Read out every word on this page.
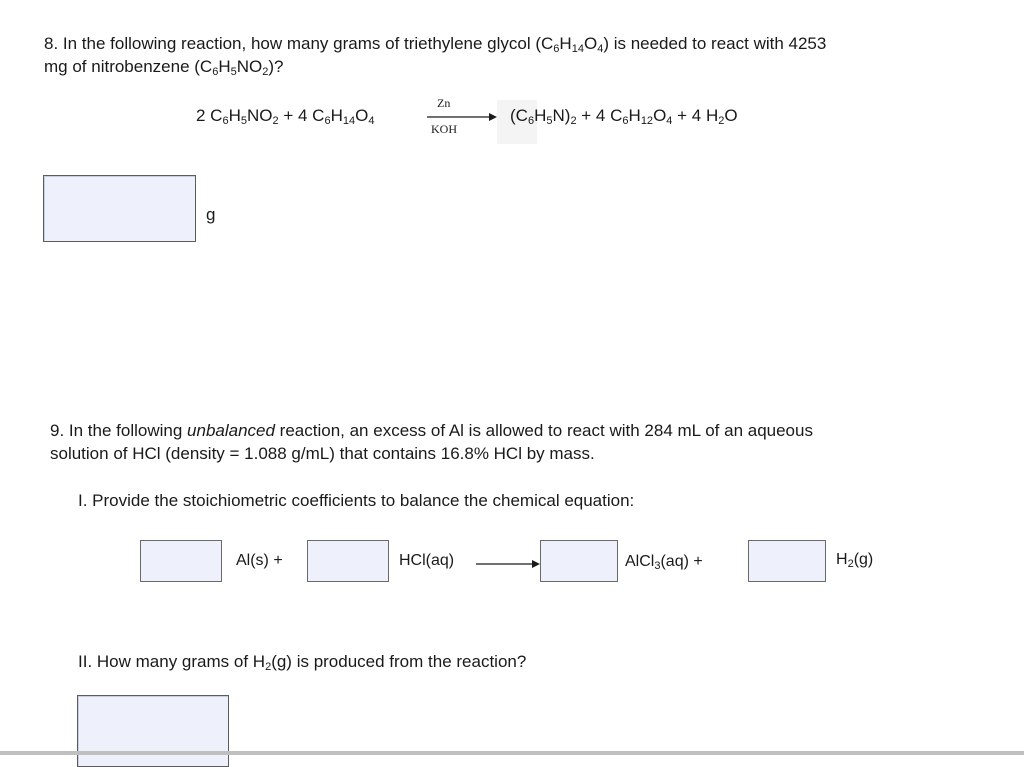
8. In the following reaction, how many grams of triethylene glycol $(C_6H_{14}O_4)$ is needed to react with 4253
mg of nitrobenzene $(C_6H_5NO_2)$?
2 $C_6H_5NO_2 + 4$ $C_6H_{14}O_4$
Zn
KOH
$(C_6H_5N)_2 + 4$ $C_6H_{12}O_4 + 4$ $H_2O$
g
9. In the following unbalanced reaction, an excess of Al is allowed to react with 284 mL of an aqueous
solution of HCl (density = 1.088 g/mL) that contains 16.8% HCl by mass.
I. Provide the stoichiometric coefficients to balance the chemical equation:
Al(s) +	HCl(aq)	AlCl$_3$(aq) +	$H_2(g)$
II. How many grams of $H_2(g)$ is produced from the reaction?
